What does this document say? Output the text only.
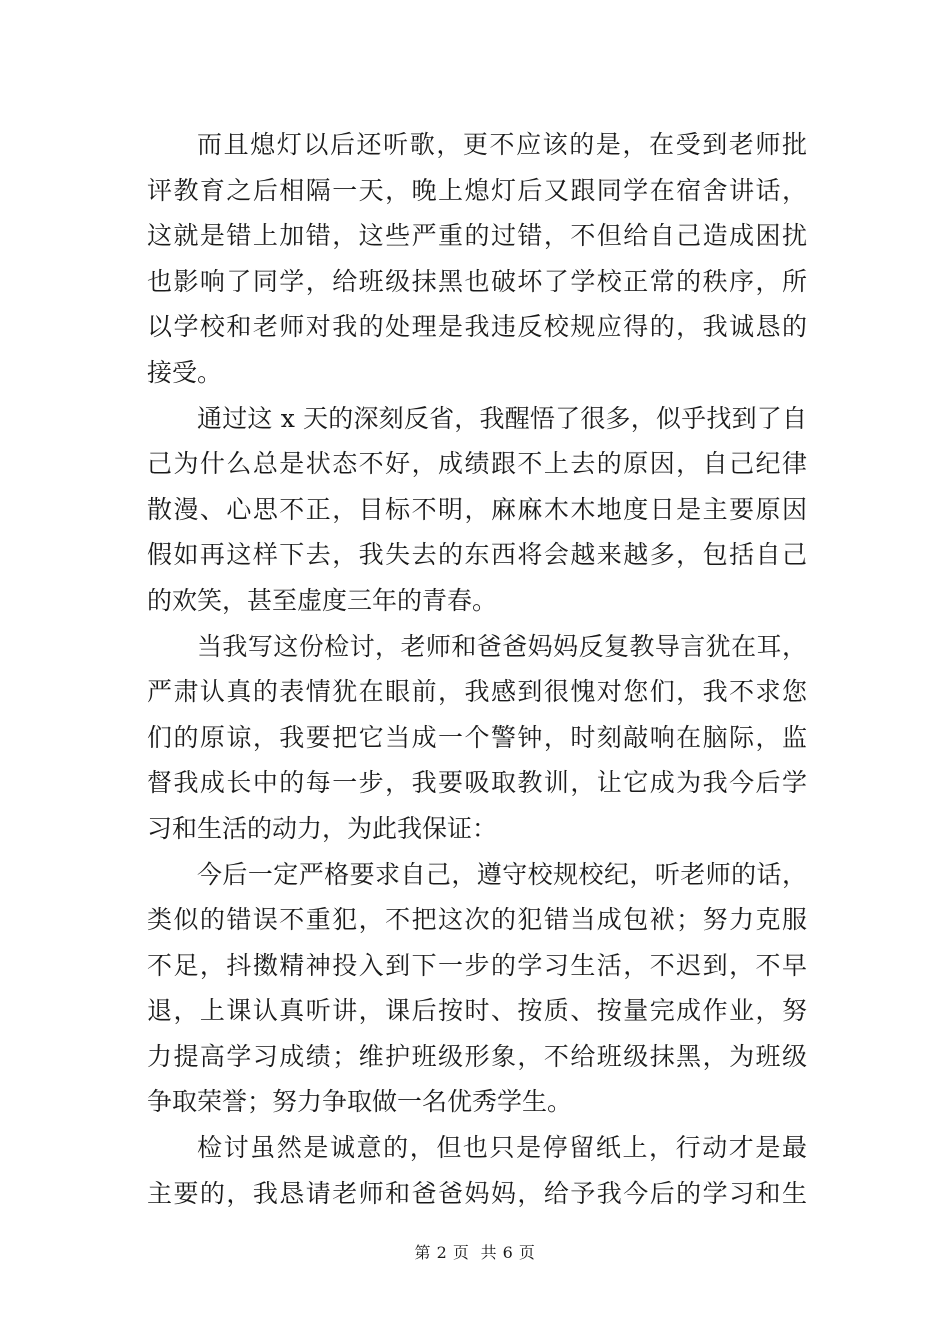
而且熄灯以后还听歌，更不应该的是，在受到老师批
评教育之后相隔一天，晚上熄灯后又跟同学在宿舍讲话，
这就是错上加错，这些严重的过错，不但给自己造成困扰
也影响了同学，给班级抹黑也破坏了学校正常的秩序，所
以学校和老师对我的处理是我违反校规应得的，我诚恳的
接受。
通过这 x 天的深刻反省，我醒悟了很多，似乎找到了自
己为什么总是状态不好，成绩跟不上去的原因，自己纪律
散漫、心思不正，目标不明，麻麻木木地度日是主要原因
假如再这样下去，我失去的东西将会越来越多，包括自己
的欢笑，甚至虚度三年的青春。
当我写这份检讨，老师和爸爸妈妈反复教导言犹在耳，
严肃认真的表情犹在眼前，我感到很愧对您们，我不求您
们的原谅，我要把它当成一个警钟，时刻敲响在脑际，监
督我成长中的每一步，我要吸取教训，让它成为我今后学
习和生活的动力，为此我保证：
今后一定严格要求自己，遵守校规校纪，听老师的话，
类似的错误不重犯，不把这次的犯错当成包袱；努力克服
不足，抖擞精神投入到下一步的学习生活，不迟到，不早
退，上课认真听讲，课后按时、按质、按量完成作业，努
力提高学习成绩；维护班级形象，不给班级抹黑，为班级
争取荣誉；努力争取做一名优秀学生。
检讨虽然是诚意的，但也只是停留纸上，行动才是最
主要的，我恳请老师和爸爸妈妈，给予我今后的学习和生
第 2 页  共 6 页
